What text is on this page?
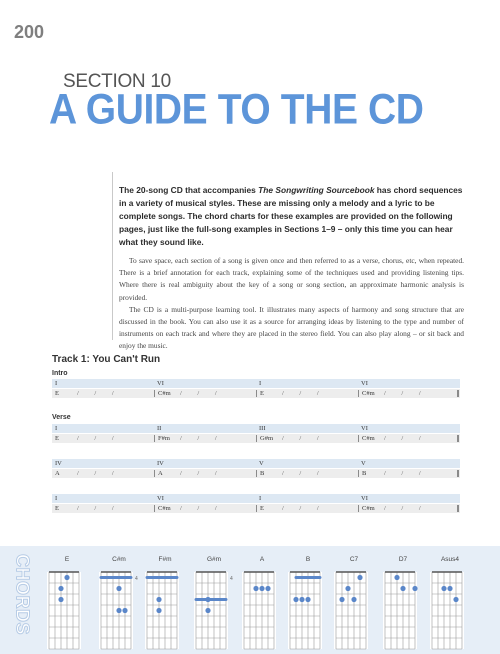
200
SECTION 10
A GUIDE TO THE CD

The 20-song CD that accompanies The Songwriting Sourcebook has chord sequences in a variety of musical styles. These are missing only a melody and a lyric to be complete songs. The chord charts for these examples are provided on the following pages, just like the full-song examples in Sections 1–9 – only this time you can hear what they sound like.

To save space, each section of a song is given once and then referred to as a verse, chorus, etc, when repeated. There is a brief annotation for each track, explaining some of the techniques used and providing listening tips. Where there is real ambiguity about the key of a song or song section, an approximate harmonic analysis is provided.

The CD is a multi-purpose learning tool. It illustrates many aspects of harmony and song structure that are discussed in the book. You can also use it as a source for arranging ideas by listening to the type and number of instruments on each track and where they are placed in the stereo field. You can also play along – or sit back and enjoy the music.

Track 1: You Can't Run
Intro
Verse
I	VI	I	VI
E	/ / /	C#m / / /	E	/ / /	C#m / / /
I	II	III	VI
E	/ / /	F#m / / /	G#m / / /	C#m / / /
IV	IV	V	V
A	/ / /	A	/ / /	B	/ / /	B	/ / /
I	VI	I	VI
E	/ / /	C#m / / /	E	/ / /	C#m / / /
CHORDS	E	C#m
4
F#m	G#m
4
A	B	C7	D7	Asus4
